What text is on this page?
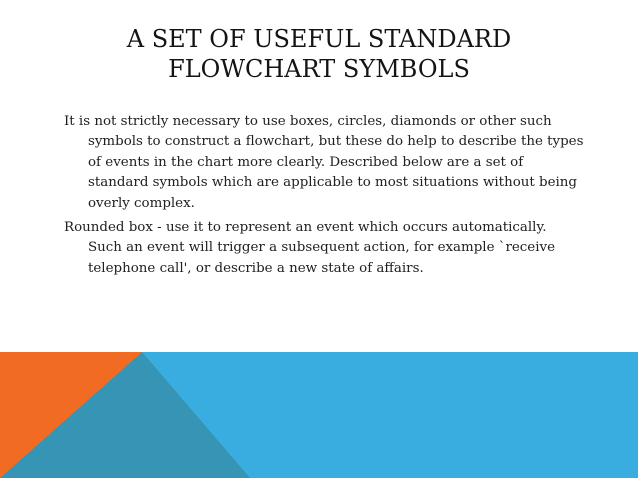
A SET OF USEFUL STANDARD FLOWCHART SYMBOLS

It is not strictly necessary to use boxes, circles, diamonds or other such symbols to construct a flowchart, but these do help to describe the types of events in the chart more clearly. Described below are a set of standard symbols which are applicable to most situations without being overly complex.

Rounded box - use it to represent an event which occurs automatically. Such an event will trigger a subsequent action, for example `receive telephone call', or describe a new state of affairs.
